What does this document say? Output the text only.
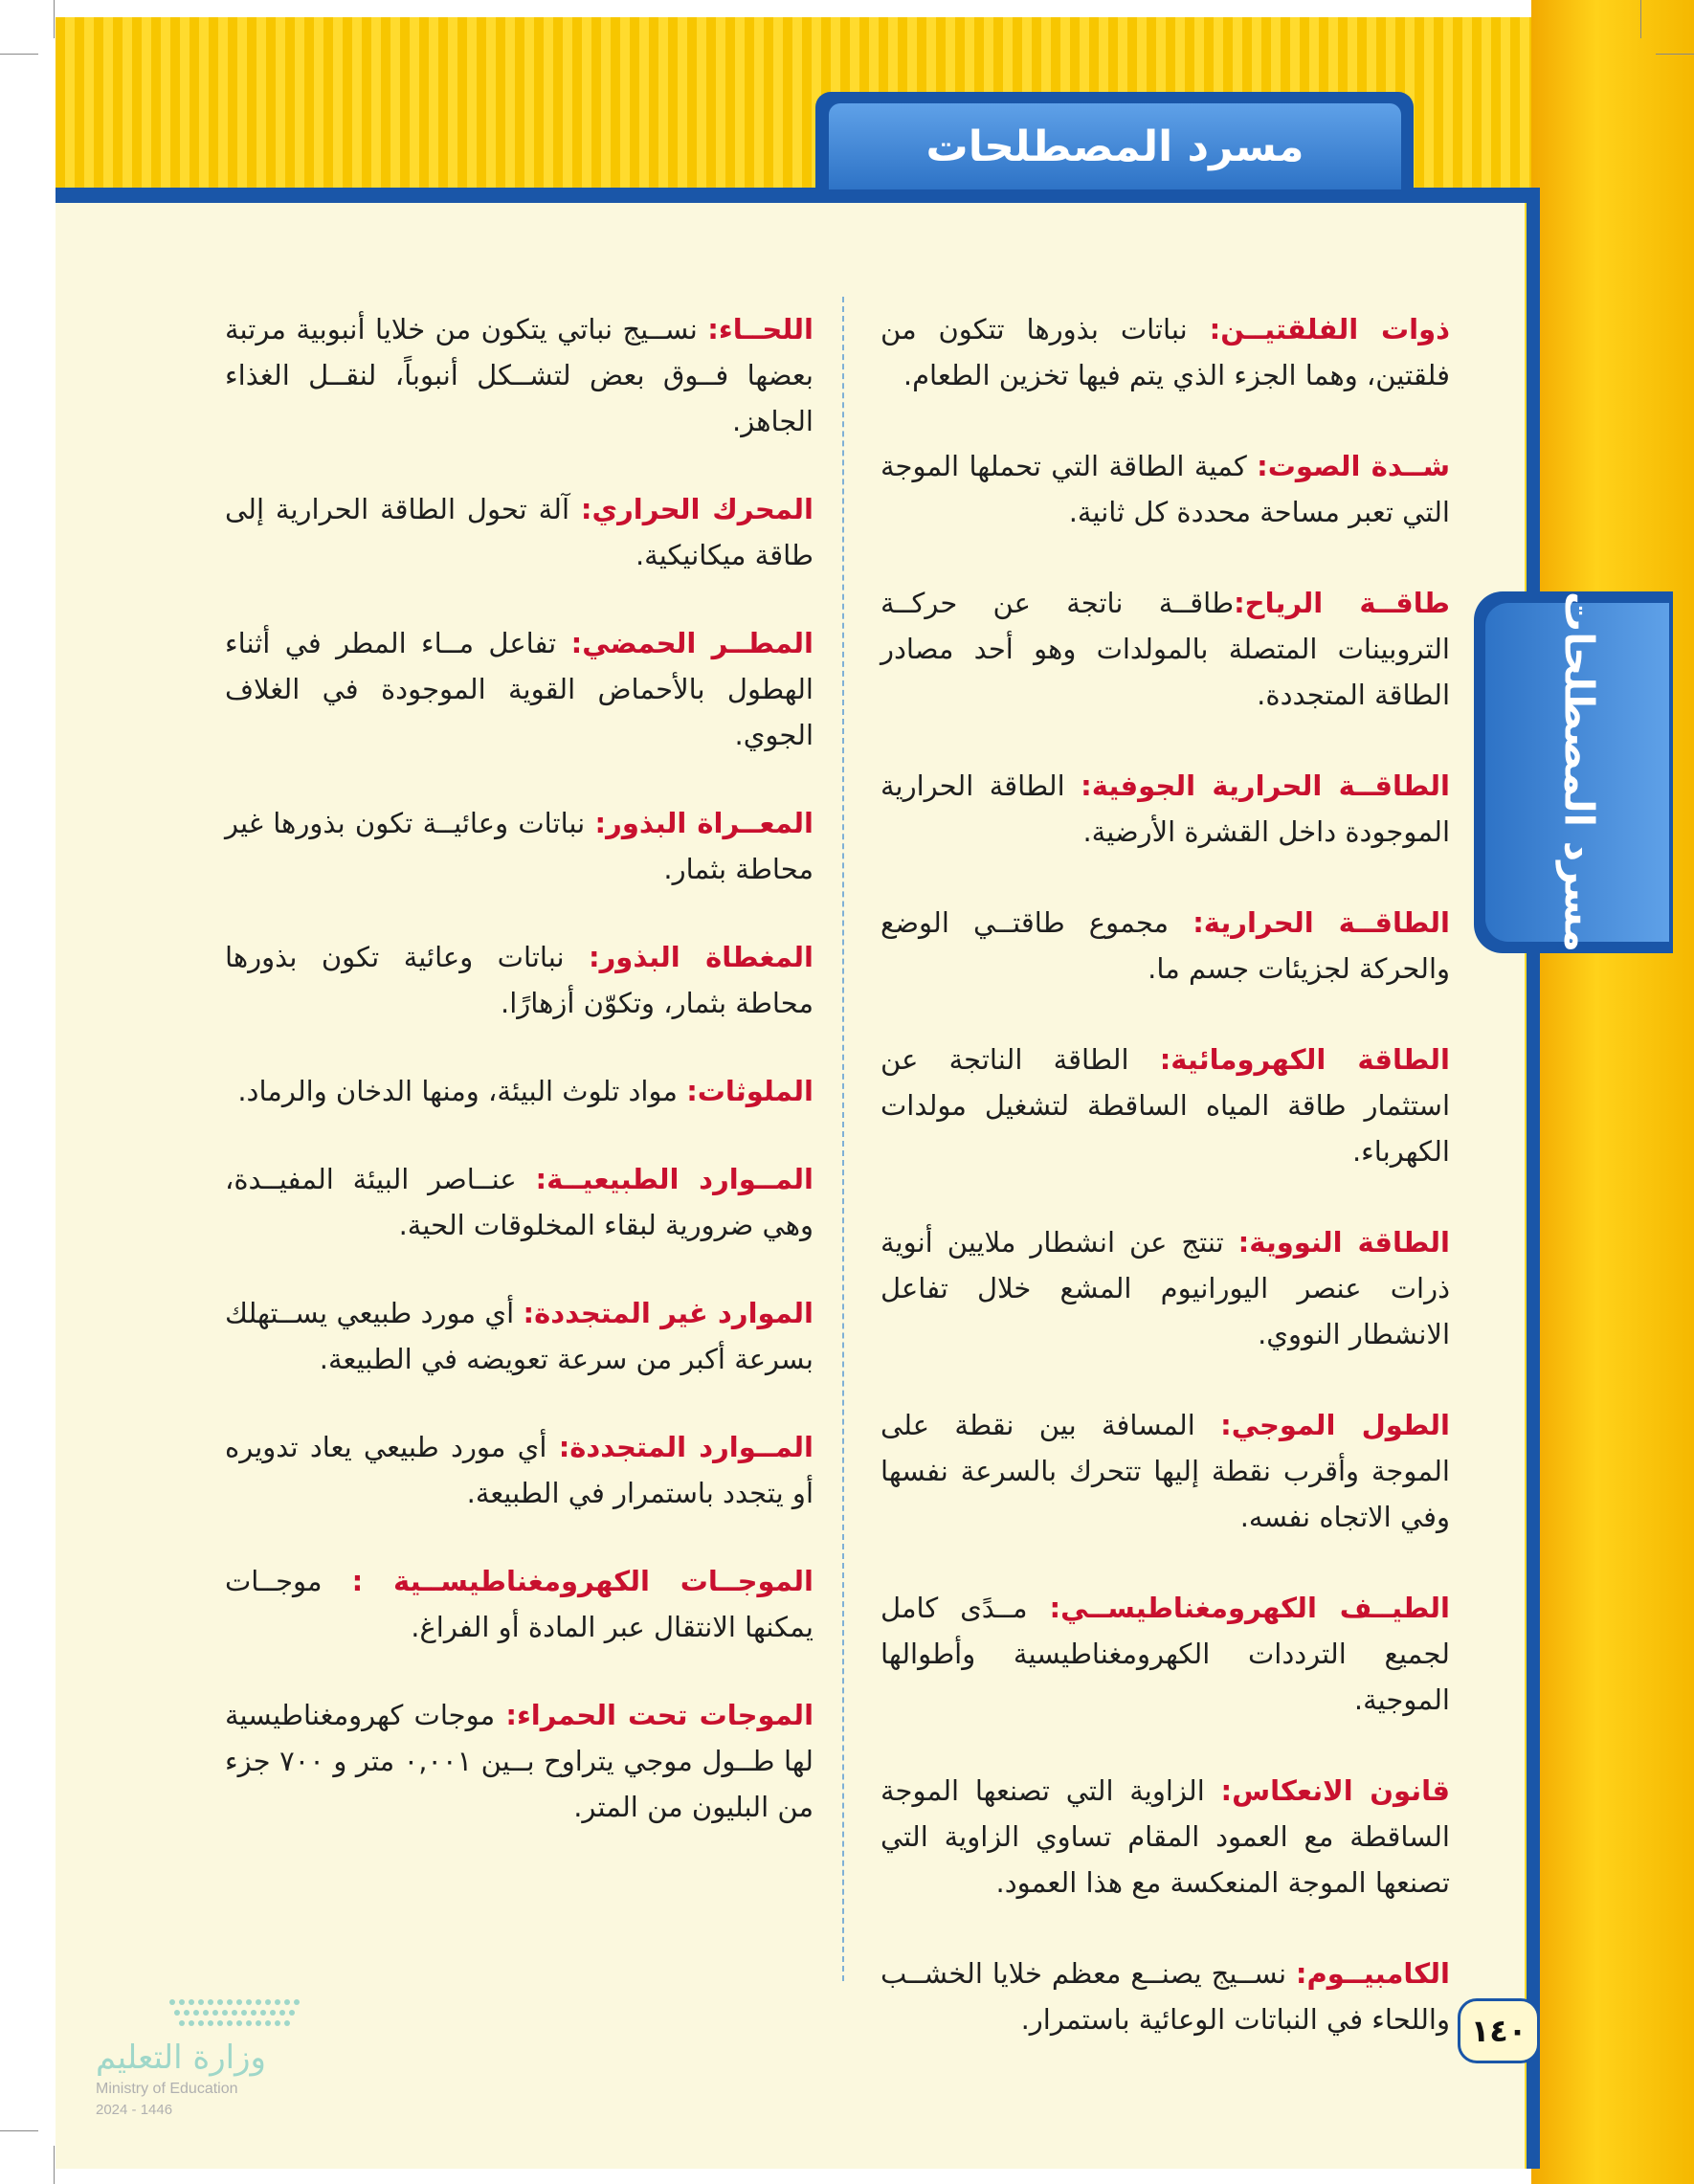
مسرد المصطلحات
مسرد المصطلحات

ذوات الفلقتيــن: نباتات بذورها تتكون من فلقتين، وهما الجزء الذي يتم فيها تخزين الطعام.

شــدة الصوت: كمية الطاقة التي تحملها الموجة التي تعبر مساحة محددة كل ثانية.

طاقــة الرياح:طاقــة ناتجة عن حركــة التروبينات المتصلة بالمولدات وهو أحد مصادر الطاقة المتجددة.

الطاقــة الحرارية الجوفية: الطاقة الحرارية الموجودة داخل القشرة الأرضية.

الطاقــة الحرارية: مجموع طاقتــي الوضع والحركة لجزيئات جسم ما.

الطاقة الكهرومائية: الطاقة الناتجة عن استثمار طاقة المياه الساقطة لتشغيل مولدات الكهرباء.

الطاقة النووية: تنتج عن انشطار ملايين أنوية ذرات عنصر اليورانيوم المشع خلال تفاعل الانشطار النووي.

الطول الموجي: المسافة بين نقطة على الموجة وأقرب نقطة إليها تتحرك بالسرعة نفسها وفي الاتجاه نفسه.

الطيــف الكهرومغناطيســي: مــدًى كامل لجميع الترددات الكهرومغناطيسية وأطوالها الموجية.

قانون الانعكاس: الزاوية التي تصنعها الموجة الساقطة مع العمود المقام تساوي الزاوية التي تصنعها الموجة المنعكسة مع هذا العمود.

الكامبيــوم: نســيج يصنــع معظم خلايا الخشــب واللحاء في النباتات الوعائية باستمرار.

اللحــاء: نســيج نباتي يتكون من خلايا أنبوبية مرتبة بعضها فــوق بعض لتشــكل أنبوباً، لنقــل الغذاء الجاهز.

المحرك الحراري: آلة تحول الطاقة الحرارية إلى طاقة ميكانيكية.

المطــر الحمضي: تفاعل مــاء المطر في أثناء الهطول بالأحماض القوية الموجودة في الغلاف الجوي.

المعــراة البذور: نباتات وعائيــة تكون بذورها غير محاطة بثمار.

المغطاة البذور: نباتات وعائية تكون بذورها محاطة بثمار، وتكوّن أزهارًا.

الملوثات: مواد تلوث البيئة، ومنها الدخان والرماد.

المــوارد الطبيعيــة: عنــاصر البيئة المفيــدة، وهي ضرورية لبقاء المخلوقات الحية.

الموارد غير المتجددة: أي مورد طبيعي يســتهلك بسرعة أكبر من سرعة تعويضه في الطبيعة.

المــوارد المتجددة: أي مورد طبيعي يعاد تدويره أو يتجدد باستمرار في الطبيعة.

الموجــات الكهرومغناطيســية : موجــات يمكنها الانتقال عبر المادة أو الفراغ.

الموجات تحت الحمراء: موجات كهرومغناطيسية لها طــول موجي يتراوح بــين ٠,٠٠١ متر و ٧٠٠ جزء من البليون من المتر.

١٤٠
وزارة التعليم
Ministry of Education
2024 - 1446
